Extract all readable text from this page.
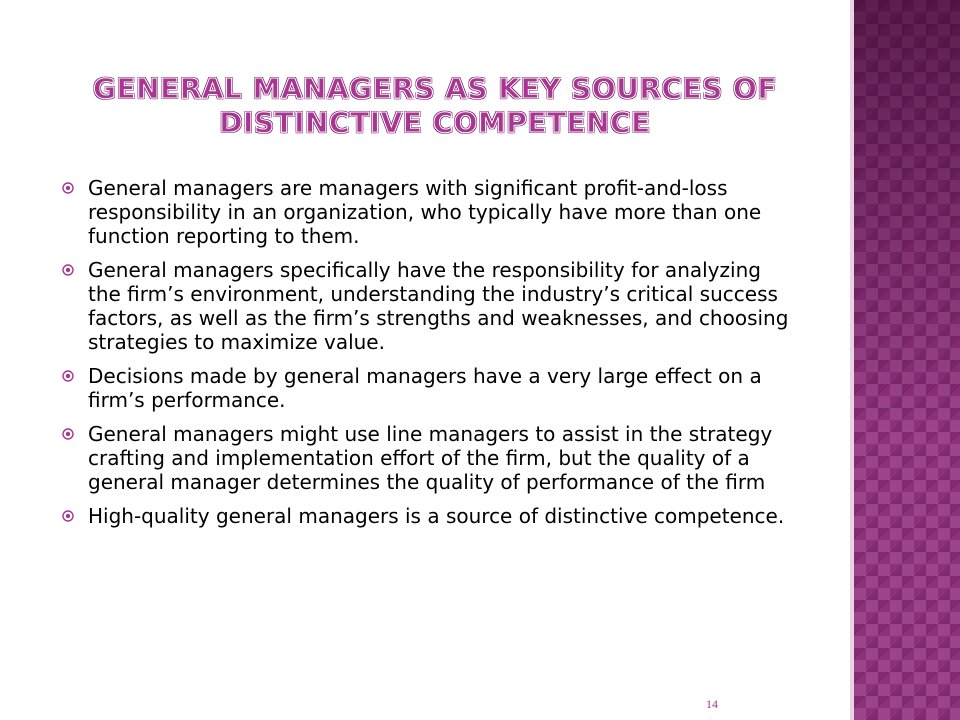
GENERAL MANAGERS AS KEY SOURCES OF DISTINCTIVE COMPETENCE
General managers are managers with significant profit-and-loss responsibility in an organization, who typically have more than one function reporting to them.
General managers specifically have the responsibility for analyzing the firm’s environment, understanding the industry’s critical success factors, as well as the firm’s strengths and weaknesses, and choosing strategies to maximize value.
Decisions made by general managers have a very large effect on a firm’s performance.
General managers might use line managers to assist in the strategy crafting and implementation effort of the firm, but the quality of a general manager determines the quality of performance of the firm
High-quality general managers is a source of distinctive competence.
14
